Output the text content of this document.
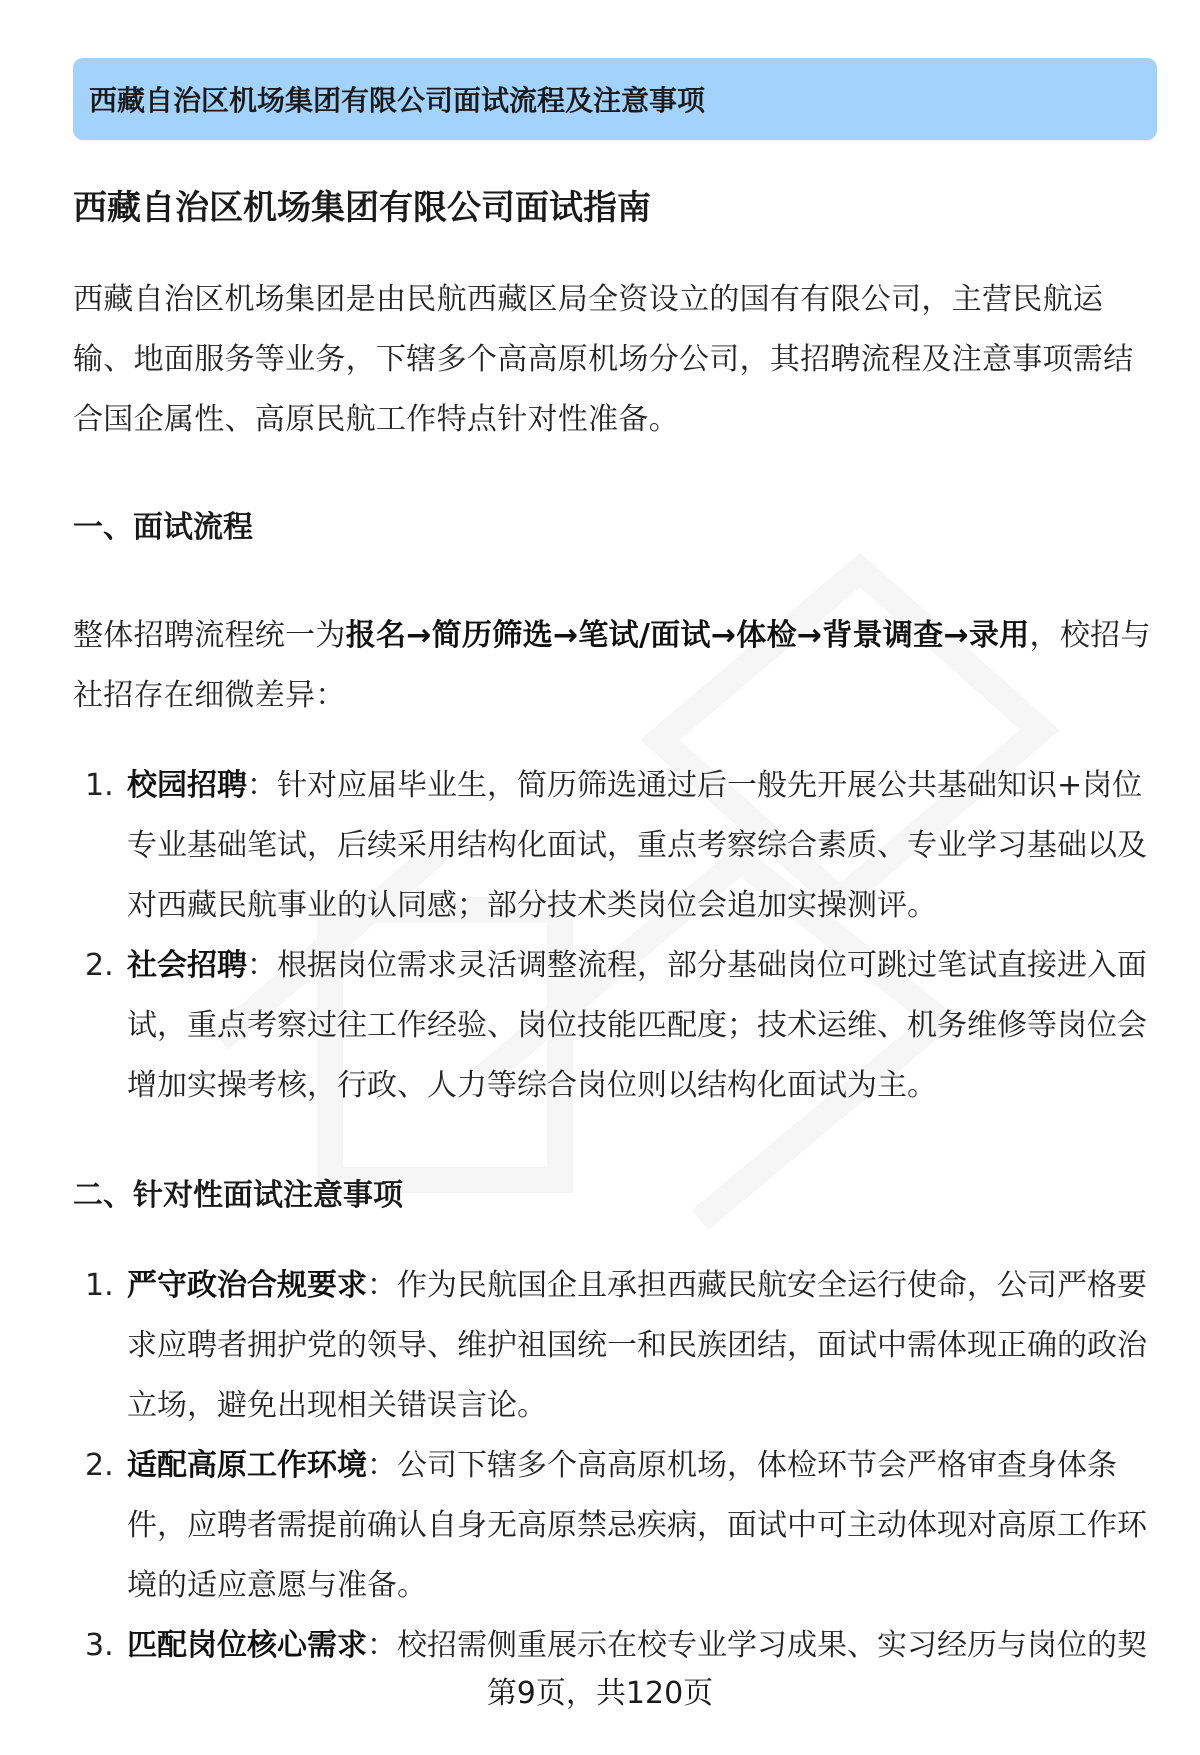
西藏自治区机场集团有限公司面试流程及注意事项
西藏自治区机场集团有限公司面试指南

西藏自治区机场集团是由民航西藏区局全资设立的国有有限公司，主营民航运输、地面服务等业务，下辖多个高高原机场分公司，其招聘流程及注意事项需结合国企属性、高原民航工作特点针对性准备。

一、面试流程

整体招聘流程统一为报名→简历筛选→笔试/面试→体检→背景调查→录用，校招与社招存在细微差异：

1. 校园招聘：针对应届毕业生，简历筛选通过后一般先开展公共基础知识+岗位专业基础笔试，后续采用结构化面试，重点考察综合素质、专业学习基础以及对西藏民航事业的认同感；部分技术类岗位会追加实操测评。
2. 社会招聘：根据岗位需求灵活调整流程，部分基础岗位可跳过笔试直接进入面试，重点考察过往工作经验、岗位技能匹配度；技术运维、机务维修等岗位会增加实操考核，行政、人力等综合岗位则以结构化面试为主。
二、针对性面试注意事项
1. 严守政治合规要求：作为民航国企且承担西藏民航安全运行使命，公司严格要求应聘者拥护党的领导、维护祖国统一和民族团结，面试中需体现正确的政治立场，避免出现相关错误言论。
2. 适配高原工作环境：公司下辖多个高高原机场，体检环节会严格审查身体条件，应聘者需提前确认自身无高原禁忌疾病，面试中可主动体现对高原工作环境的适应意愿与准备。
3. 匹配岗位核心需求：校招需侧重展示在校专业学习成果、实习经历与岗位的契
第9页，共120页
